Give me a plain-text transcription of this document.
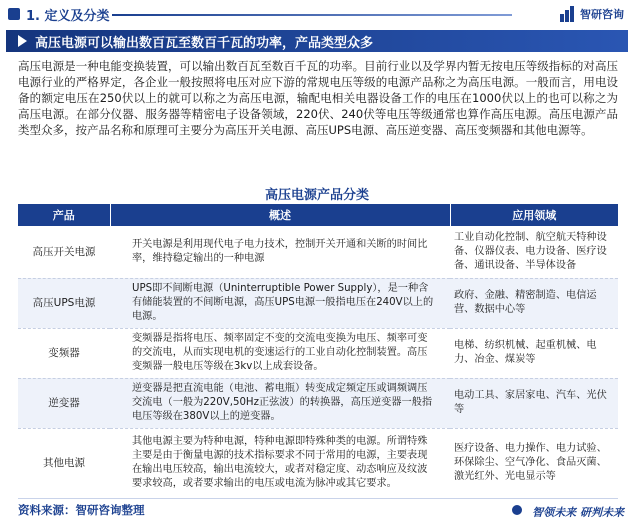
1. 定义及分类	智研咨询
高压电源可以输出数百瓦至数百千瓦的功率，产品类型众多
高压电源是一种电能变换装置，可以输出数百瓦至数百千瓦的功率。目前行业以及学界内暂无按电压等级指标的对高压电源行业的严格界定，各企业一般按照将电压对应下游的常规电压等级的电源产品称之为高压电源。一般而言，用电设备的额定电压在250伏以上的就可以称之为高压电源，输配电相关电器设备工作的电压在1000伏以上的也可以称之为高压电源。在部分仪器、服务器等精密电子设备领域，220伏、240伏等电压等级通常也算作高压电源。高压电源产品类型众多，按产品名称和原理可主要分为高压开关电源、高压UPS电源、高压逆变器、高压变频器和其他电源等。
高压电源产品分类
产品	概述	应用领域
高压开关电源	开关电源是利用现代电子电力技术，控制开关开通和关断的时间比率，维持稳定输出的一种电源	工业自动化控制、航空航天特种设备、仪器仪表、电力设备、医疗设备、通讯设备、半导体设备
高压UPS电源	UPS即不间断电源（Uninterruptible Power Supply），是一种含有储能装置的不间断电源，高压UPS电源一般指电压在240V以上的电源。	政府、金融、精密制造、电信运营、数据中心等
变频器	变频器是指将电压、频率固定不变的交流电变换为电压、频率可变的交流电，从而实现电机的变速运行的工业自动化控制装置。高压变频器一般电压等级在3kv以上成套设备。	电梯、纺织机械、起重机械、电力、冶金、煤炭等
逆变器	逆变器是把直流电能（电池、蓄电瓶）转变成定频定压或调频调压交流电（一般为220V,50Hz正弦波）的转换器，高压逆变器一般指电压等级在380V以上的逆变器。	电动工具、家居家电、汽车、光伏等
其他电源	其他电源主要为特种电源，特种电源即特殊种类的电源。所谓特殊主要是由于衡量电源的技术指标要求不同于常用的电源，主要表现在输出电压较高，输出电流较大，或者对稳定度、动态响应及纹波要求较高，或者要求输出的电压或电流为脉冲或其它要求。	医疗设备、电力操作、电力试验、环保除尘、空气净化、食品灭菌、激光红外、光电显示等
资料来源：智研咨询整理	智领未来 研判未来
